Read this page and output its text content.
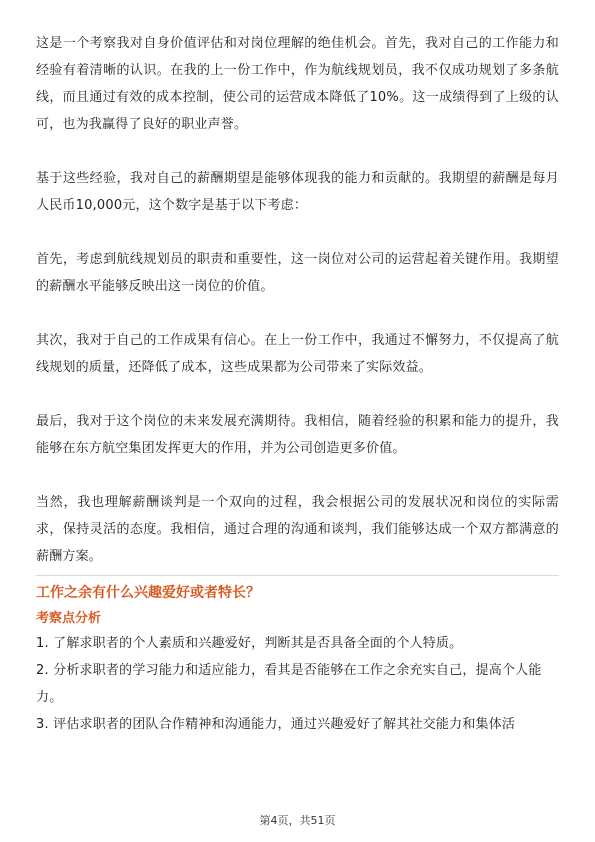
这是一个考察我对自身价值评估和对岗位理解的绝佳机会。首先，我对自己的工作能力和经验有着清晰的认识。在我的上一份工作中，作为航线规划员，我不仅成功规划了多条航线，而且通过有效的成本控制，使公司的运营成本降低了10%。这一成绩得到了上级的认可，也为我赢得了良好的职业声誉。

基于这些经验，我对自己的薪酬期望是能够体现我的能力和贡献的。我期望的薪酬是每月人民币10,000元，这个数字是基于以下考虑：

首先，考虑到航线规划员的职责和重要性，这一岗位对公司的运营起着关键作用。我期望的薪酬水平能够反映出这一岗位的价值。

其次，我对于自己的工作成果有信心。在上一份工作中，我通过不懈努力，不仅提高了航线规划的质量，还降低了成本，这些成果都为公司带来了实际效益。

最后，我对于这个岗位的未来发展充满期待。我相信，随着经验的积累和能力的提升，我能够在东方航空集团发挥更大的作用，并为公司创造更多价值。

当然，我也理解薪酬谈判是一个双向的过程，我会根据公司的发展状况和岗位的实际需求，保持灵活的态度。我相信，通过合理的沟通和谈判，我们能够达成一个双方都满意的薪酬方案。

工作之余有什么兴趣爱好或者特长？
考察点分析
1. 了解求职者的个人素质和兴趣爱好，判断其是否具备全面的个人特质。
2. 分析求职者的学习能力和适应能力，看其是否能够在工作之余充实自己，提高个人能力。
3. 评估求职者的团队合作精神和沟通能力，通过兴趣爱好了解其社交能力和集体活
第4页，共51页
